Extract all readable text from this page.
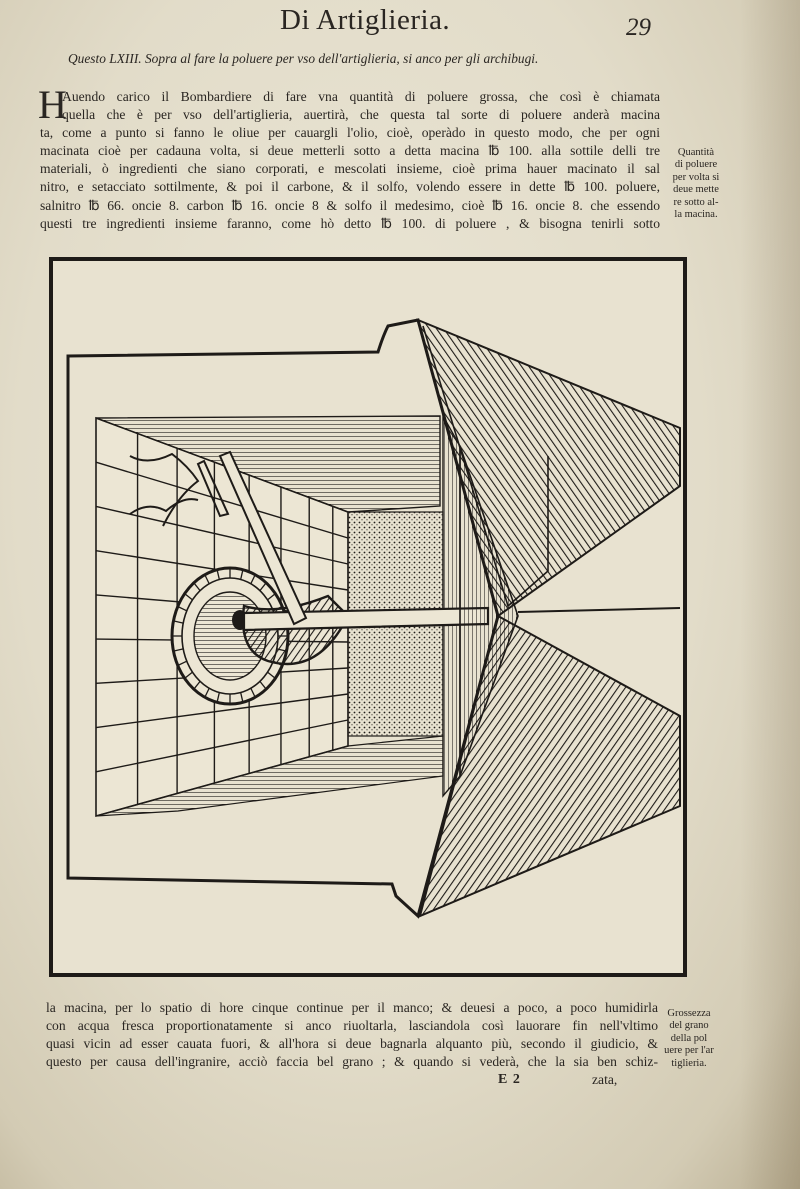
Di Artiglieria.	29
Questo LXIII. Sopra al fare la poluere per vso dell'artiglieria, si anco per gli archibugi.
H

Auendo carico il Bombardiere di fare vna quantità di poluere grossa, che così è chiamata
quella che è per vso dell'artiglieria, auertirà, che questa tal sorte di poluere anderà macina
ta, come a punto si fanno le oliue per cauargli l'olio, cioè, operàdo in questo modo, che per ogni
macinata cioè per cadauna volta, si deue metterli sotto a detta macina ℔ 100. alla sottile delli tre
materiali, ò ingredienti che siano corporati, e mescolati insieme, cioè prima hauer macinato il sal
nitro, e setacciato sottilmente, & poi il carbone, & il solfo, volendo essere in dette ℔ 100. poluere,
salnitro ℔ 66. oncie 8. carbon ℔ 16. oncie 8 & solfo il medesimo, cioè ℔ 16. oncie 8. che essendo
questi tre ingredienti insieme faranno, come hò detto ℔ 100. di poluere , & bisogna tenirli sotto

Quantità
di poluere
per volta si
deue mette
re sotto al-
la macina.

la macina, per lo spatio di hore cinque continue per il manco; & deuesi a poco, a poco humidirla
con acqua fresca proportionatamente si anco riuoltarla, lasciandola così lauorare fin nell'vltimo
quasi vicin ad esser cauata fuori, & all'hora si deue bagnarla alquanto più, secondo il giudicio, &
questo per causa dell'ingranire, acciò faccia bel grano ; & quando si vederà, che la sia ben schiz-

Grossezza
del grano
della pol
uere per l'ar
tiglieria.
E 2	zata,
